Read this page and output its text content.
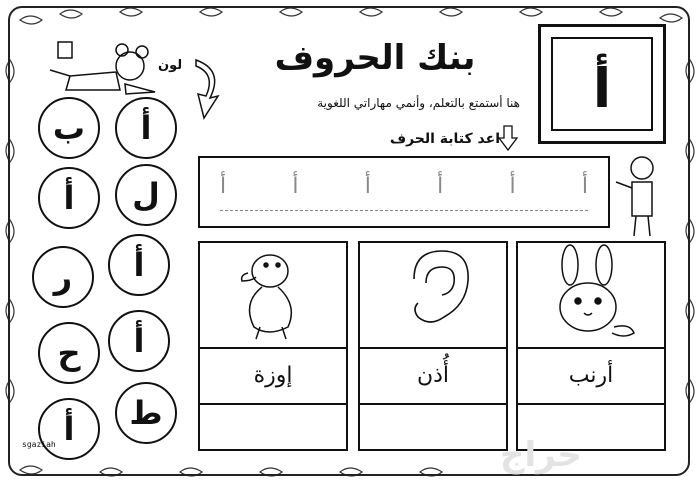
بنك الحروف
هنا أستمتع بالتعلم، وأنمي مهاراتي اللغوية	أ
لون
أ
ب
ل
أ
أ
ر
أ
ح
ط
أ
اعد كتابة الحرف
أ	أ	أ	أ	أ	أ
إوزة	أُذن	أرنب
sgaziah	حراج
